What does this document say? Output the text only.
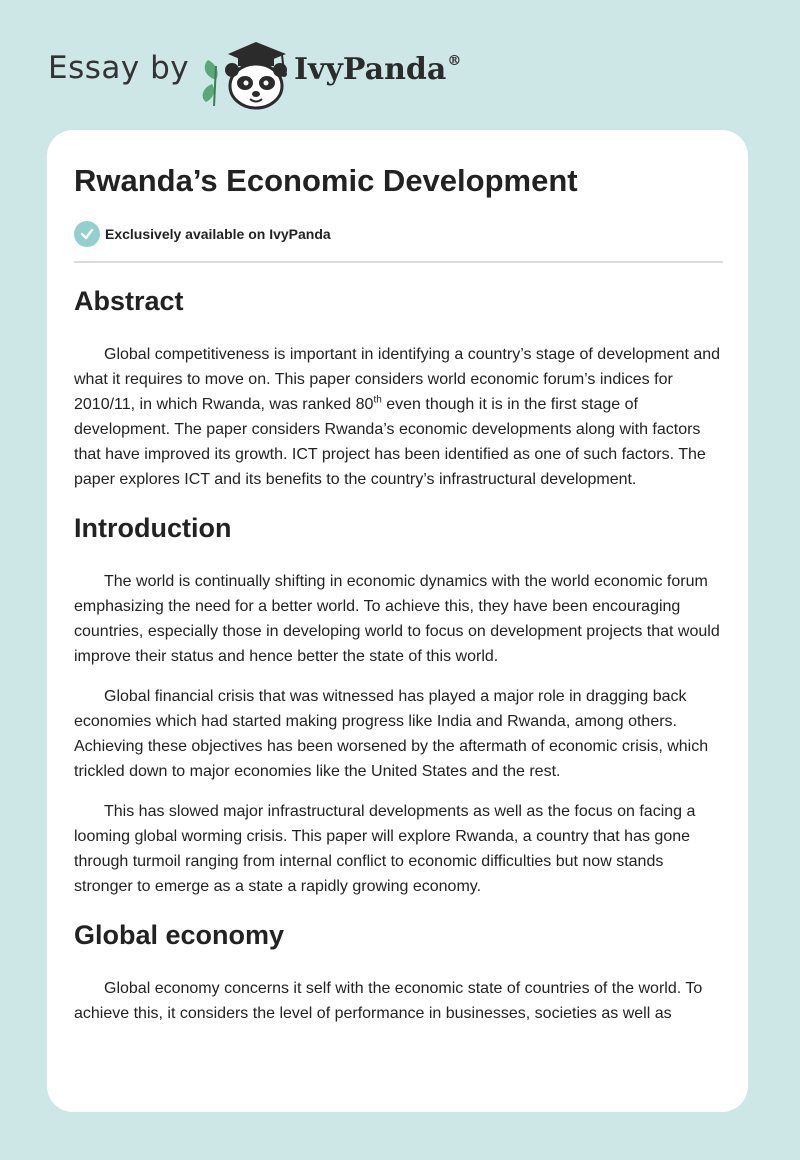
Essay by	IvyPanda®
Rwanda’s Economic Development
Exclusively available on IvyPanda
Abstract

Global competitiveness is important in identifying a country’s stage of development and what it requires to move on. This paper considers world economic forum’s indices for 2010/11, in which Rwanda, was ranked 80th even though it is in the first stage of development. The paper considers Rwanda’s economic developments along with factors that have improved its growth. ICT project has been identified as one of such factors. The paper explores ICT and its benefits to the country’s infrastructural development.

Introduction

The world is continually shifting in economic dynamics with the world economic forum emphasizing the need for a better world. To achieve this, they have been encouraging countries, especially those in developing world to focus on development projects that would improve their status and hence better the state of this world.

Global financial crisis that was witnessed has played a major role in dragging back economies which had started making progress like India and Rwanda, among others. Achieving these objectives has been worsened by the aftermath of economic crisis, which trickled down to major economies like the United States and the rest.

This has slowed major infrastructural developments as well as the focus on facing a looming global worming crisis. This paper will explore Rwanda, a country that has gone through turmoil ranging from internal conflict to economic difficulties but now stands stronger to emerge as a state a rapidly growing economy.

Global economy

Global economy concerns it self with the economic state of countries of the world. To achieve this, it considers the level of performance in businesses, societies as well as
